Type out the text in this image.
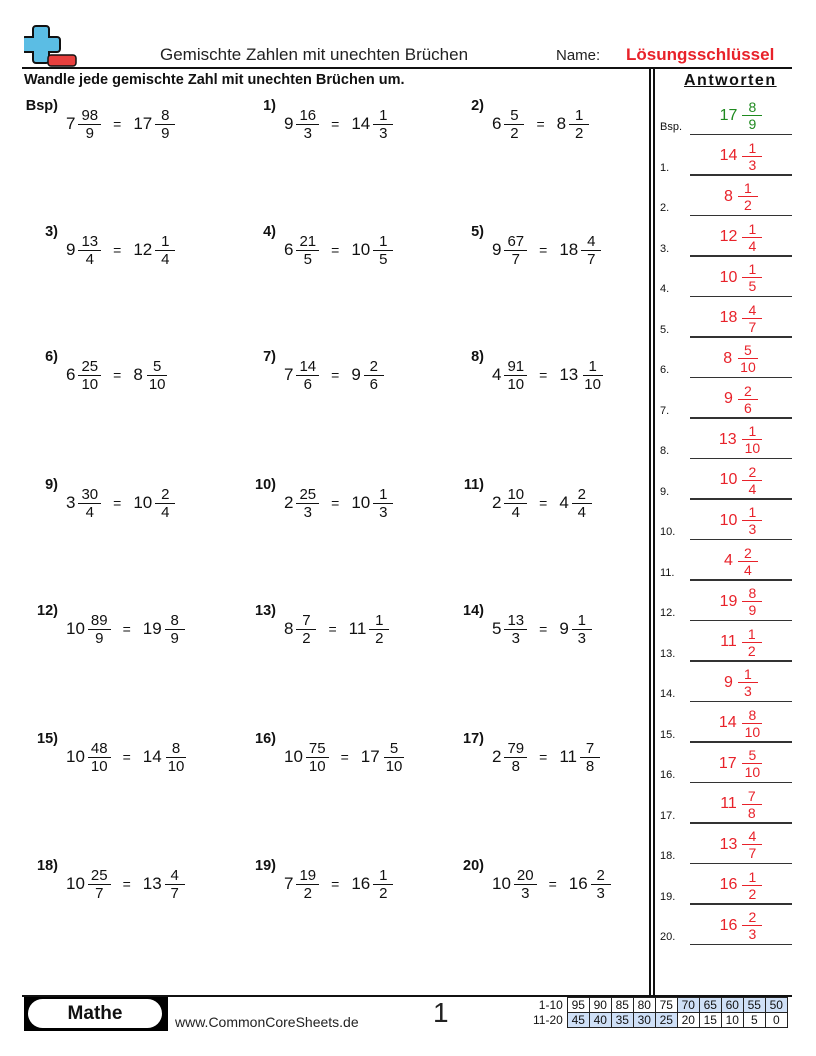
Gemischte Zahlen mit unechten Brüchen	Name: Lösungsschlüssel
Wandle jede gemischte Zahl mit unechten Brüchen um.
Bsp)
$7 \frac{98}{9} = 17 \frac{8}{9}$
1)
$9 \frac{16}{3} = 14 \frac{1}{3}$
2)
$6 \frac{5}{2} = 8 \frac{1}{2}$
3)
$9 \frac{13}{4} = 12 \frac{1}{4}$
4)
$6 \frac{21}{5} = 10 \frac{1}{5}$
5)
$9 \frac{67}{7} = 18 \frac{4}{7}$
6)
$6 \frac{25}{10} = 8 \frac{5}{10}$
7)
$7 \frac{14}{6} = 9 \frac{2}{6}$
8)
$4 \frac{91}{10} = 13 \frac{1}{10}$
9)
$3 \frac{30}{4} = 10 \frac{2}{4}$
10)
$2 \frac{25}{3} = 10 \frac{1}{3}$
11)
$2 \frac{10}{4} = 4 \frac{2}{4}$
12)
$10 \frac{89}{9} = 19 \frac{8}{9}$
13)
$8 \frac{7}{2} = 11 \frac{1}{2}$
14)
$5 \frac{13}{3} = 9 \frac{1}{3}$
15)
$10 \frac{48}{10} = 14 \frac{8}{10}$
16)
$10 \frac{75}{10} = 17 \frac{5}{10}$
17)
$2 \frac{79}{8} = 11 \frac{7}{8}$
18)
$10 \frac{25}{7} = 13 \frac{4}{7}$
19)
$7 \frac{19}{2} = 16 \frac{1}{2}$
20)
$10 \frac{20}{3} = 16 \frac{2}{3}$
Antworten
Bsp.
$17 \frac{8}{9}$
1.
$14 \frac{1}{3}$
2.
$8 \frac{1}{2}$
3.
$12 \frac{1}{4}$
4.
$10 \frac{1}{5}$
5.
$18 \frac{4}{7}$
6.
$8 \frac{5}{10}$
7.
$9 \frac{2}{6}$
8.
$13 \frac{1}{10}$
9.
$10 \frac{2}{4}$
10.
$10 \frac{1}{3}$
11.
$4 \frac{2}{4}$
12.
$19 \frac{8}{9}$
13.
$11 \frac{1}{2}$
14.
$9 \frac{1}{3}$
15.
$14 \frac{8}{10}$
16.
$17 \frac{5}{10}$
17.
$11 \frac{7}{8}$
18.
$13 \frac{4}{7}$
19.
$16 \frac{1}{2}$
20.
$16 \frac{2}{3}$
Mathe	www.CommonCoreSheets.de	1	1-10	95	90	85	80	75	70	65	60	55	50
11-20	45	40	35	30	25	20	15	10	5	0
